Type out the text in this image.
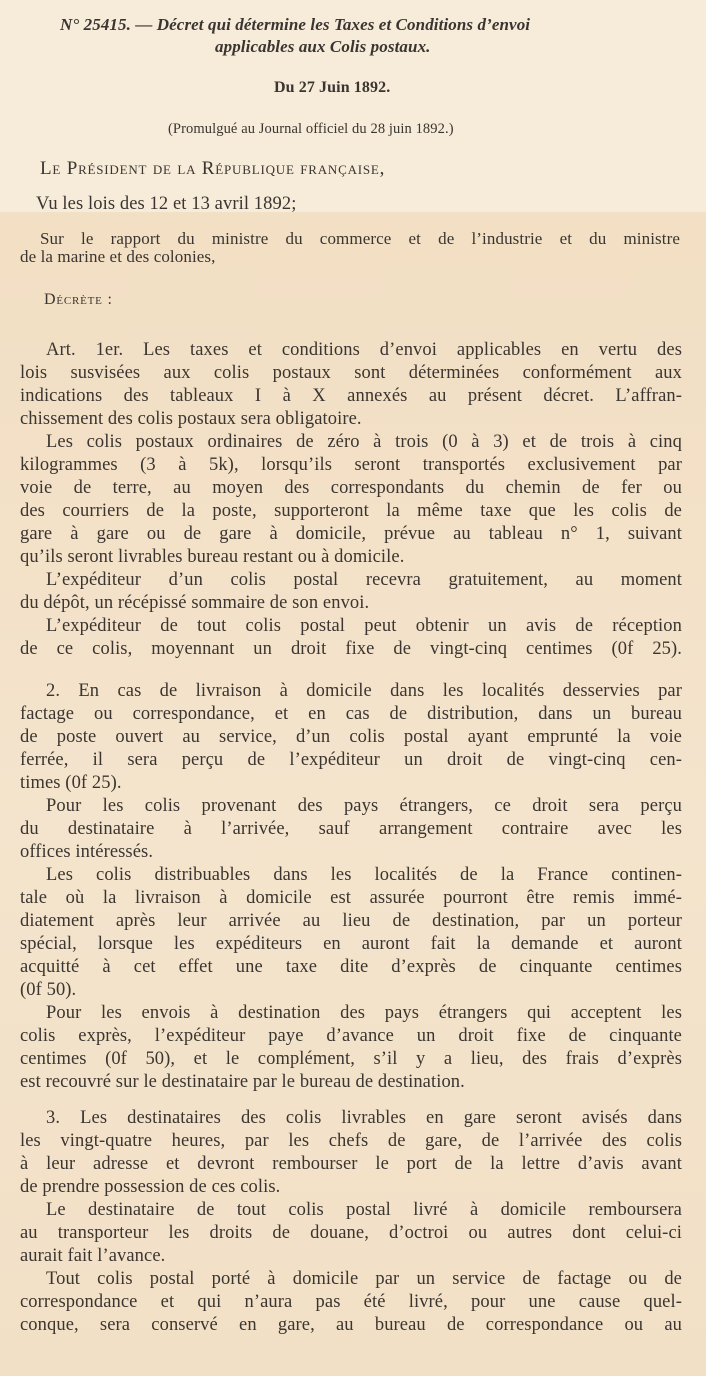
N° 25415. — Décret qui détermine les Taxes et Conditions d’envoi
applicables aux Colis postaux.
Du 27 Juin 1892.
(Promulgué au Journal officiel du 28 juin 1892.)
Le Président de la République française,
Vu les lois des 12 et 13 avril 1892;
Sur le rapport du ministre du commerce et de l’industrie et du ministre
de la marine et des colonies,
Décrète :
Art. 1er. Les taxes et conditions d’envoi applicables en vertu des
lois susvisées aux colis postaux sont déterminées conformément aux
indications des tableaux I à X annexés au présent décret. L’affran-
chissement des colis postaux sera obligatoire.
Les colis postaux ordinaires de zéro à trois (0 à 3) et de trois à cinq
kilogrammes (3 à 5k), lorsqu’ils seront transportés exclusivement par
voie de terre, au moyen des correspondants du chemin de fer ou
des courriers de la poste, supporteront la même taxe que les colis de
gare à gare ou de gare à domicile, prévue au tableau n° 1, suivant
qu’ils seront livrables bureau restant ou à domicile.
L’expéditeur d’un colis postal recevra gratuitement, au moment
du dépôt, un récépissé sommaire de son envoi.
L’expéditeur de tout colis postal peut obtenir un avis de réception
de ce colis, moyennant un droit fixe de vingt-cinq centimes (0f 25).
2. En cas de livraison à domicile dans les localités desservies par
factage ou correspondance, et en cas de distribution, dans un bureau
de poste ouvert au service, d’un colis postal ayant emprunté la voie
ferrée, il sera perçu de l’expéditeur un droit de vingt-cinq cen-
times (0f 25).
Pour les colis provenant des pays étrangers, ce droit sera perçu
du destinataire à l’arrivée, sauf arrangement contraire avec les
offices intéressés.
Les colis distribuables dans les localités de la France continen-
tale où la livraison à domicile est assurée pourront être remis immé-
diatement après leur arrivée au lieu de destination, par un porteur
spécial, lorsque les expéditeurs en auront fait la demande et auront
acquitté à cet effet une taxe dite d’exprès de cinquante centimes
(0f 50).
Pour les envois à destination des pays étrangers qui acceptent les
colis exprès, l’expéditeur paye d’avance un droit fixe de cinquante
centimes (0f 50), et le complément, s’il y a lieu, des frais d’exprès
est recouvré sur le destinataire par le bureau de destination.
3. Les destinataires des colis livrables en gare seront avisés dans
les vingt-quatre heures, par les chefs de gare, de l’arrivée des colis
à leur adresse et devront rembourser le port de la lettre d’avis avant
de prendre possession de ces colis.
Le destinataire de tout colis postal livré à domicile remboursera
au transporteur les droits de douane, d’octroi ou autres dont celui-ci
aurait fait l’avance.
Tout colis postal porté à domicile par un service de factage ou de
correspondance et qui n’aura pas été livré, pour une cause quel-
conque, sera conservé en gare, au bureau de correspondance ou au
